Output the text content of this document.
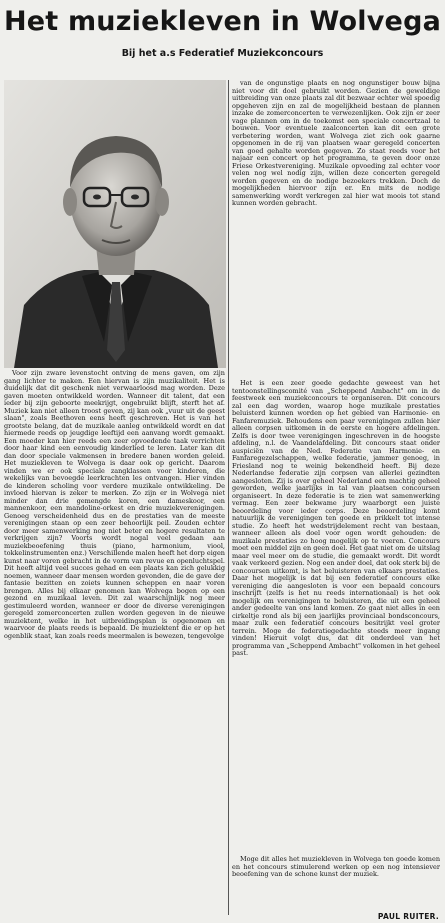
Het muziekleven in Wolvega
Bij het a.s Federatief Muziekconcours

Voor zijn zware levenstocht ontving de mens gaven, om zijn gang lichter te maken. Een hiervan is zijn muzikaliteit. Het is duidelijk dat dit geschenk niet verwaarloosd mag worden. Deze gaven moeten ontwikkeld worden. Wanneer dit talent, dat een ieder bij zijn geboorte meekrijgt, ongebruikt blijft, sterft het af. Muziek kan niet alleen troost geven, zij kan ook „vuur uit de geest slaan", zoals Beethoven eens heeft geschreven. Het is van het grootste belang, dat de muzikale aanleg ontwikkeld wordt en dat hiermede reeds op jeugdige leeftijd een aanvang wordt gemaakt. Een moeder kan hier reeds een zeer opvoedende taak verrichten door haar kind een eenvoudig kinderlied te leren. Later kan dit dan door speciale vakmensen in bredere banen worden geleid. Het muziekleven te Wolvega is daar ook op gericht. Daarom vinden we er ook speciale zangklassen voor kinderen, die wekelijks van bevoegde leerkrachten les ontvangen. Hier vinden de kinderen scholing voor verdere muzikale ontwikkeling. De invloed hiervan is zeker te merken. Zo zijn er in Wolvega niet minder dan drie gemengde koren, een dameskoor, een mannenkoor, een mandoline-orkest en drie muziekverenigingen. Genoeg verscheidenheid dus en de prestaties van de meeste verenigingen staan op een zeer behoorlijk peil. Zouden echter door meer samenwerking nog niet beter en hogere resultaten te verkrijgen zijn? Voorts wordt nogal veel gedaan aan muziekbeoefening thuis (piano, harmonium, viool, tokkelinstrumenten enz.) Verschillende malen heeft het dorp eigen kunst naar voren gebracht in de vorm van revue en openluchtspel. Dit heeft altijd veel succes gehad en een plaats kan zich gelukkig noemen, wanneer daar mensen worden gevonden, die de gave der fantasie bezitten en zoiets kunnen scheppen en naar voren brengen. Alles bij elkaar genomen kan Wolvega bogen op een gezond en muzikaal leven. Dit zal waarschijnlijk nog meer gestimuleerd worden, wanneer er door de diverse verenigingen geregeld zomerconcerten zullen worden gegeven in de nieuwe muziektent, welke in het uitbreidingsplan is opgenomen en waarvoor de plaats reeds is bepaald. De muziektent die er op het ogenblik staat, kan zoals reeds meermalen is bewezen, tengevolge

van de ongunstige plaats en nog ongunstiger bouw bijna niet voor dit doel gebruikt worden. Gezien de geweldige uitbreiding van onze plaats zal dit bezwaar echter wel spoedig opgeheven zijn en zal de mogelijkheid bestaan de plannen inzake de zomerconcerten te verwezenlijken. Ook zijn er zeer vage plannen om in de toekomst een speciale concertzaal te bouwen. Voor eventuele zaalconcerten kan dit een grote verbetering worden, want Wolvega ziet zich ook gaarne opgenomen in de rij van plaatsen waar geregeld concerten van goed gehalte worden gegeven. Zo staat reeds voor het najaar een concert op het programma, te geven door onze Friese Orkestvereniging. Muzikale opvoeding zal echter voor velen nog wel nodig zijn, willen deze concerten geregeld worden gegeven en de nodige bezoekers trekken. Doch de mogelijkheden hiervoor zijn er. En mits de nodige samenwerking wordt verkregen zal hier wat moois tot stand kunnen worden gebracht.

Het is een zeer goede gedachte geweest van het tentoonstellingscomité van „Scheppend Ambacht" om in de feestweek een muziekconcours te organiseren. Dit concours zal een dag worden, waarop hoge muzikale prestaties beluisterd kunnen worden op het gebied van Harmonie- en Fanfaremuziek. Behoudens een paar verenigingen zullen hier alleen corpsen uitkomen in de eerste en hogere afdelingen. Zelfs is door twee verenigingen ingeschreven in de hoogste afdeling, n.l. de Vaandelafdeling. Dit concours staat onder auspiciën van de Ned. Federatie van Harmonie- en Fanfaregezelschappen, welke federatie, jammer genoeg, in Friesland nog te weinig bekendheid heeft. Bij deze Nederlandse federatie zijn corpsen van allerlei gezindten aangesloten. Zij is over geheel Nederland een machtig geheel geworden, welke jaarlijks in tal van plaatsen concoursen organiseert. In deze federatie is te zien wat samenwerking vermag. Een zeer bekwame jury waarborgt een juiste beoordeling voor ieder corps. Deze beoordeling komt natuurlijk de verenigingen ten goede en prikkelt tot intense studie. Zo heeft het wedstrijdelement recht van bestaan, wanneer alleen als doel voor ogen wordt gehouden: de muzikale prestaties zo hoog mogelijk op te voeren. Concours moet een middel zijn en geen doel. Het gaat niet om de uitslag maar veel meer om de studie, die gemaakt wordt. Dit wordt vaak verkeerd gezien. Nog een ander doel, dat ook sterk bij de concoursen uitkomt, is het beluisteren van elkaars prestaties. Daar het mogelijk is dat bij een federatief concours elke vereniging die aangesloten is voor een bepaald concours inschrijft (zelfs is het nu reeds internationaal) is het ook mogelijk om verenigingen te beluisteren, die uit een geheel ander gedeelte van ons land komen. Zo gaat niet alles in een cirkeltje rond als bij een jaarlijks provinciaal bondsconcours, maar zulk een federatief concours besitrijkt veel groter terrein. Moge de federatiegedachte steeds meer ingang vinden! Hieruit volgt dus, dat dit onderdeel van het programma van „Scheppend Ambacht" volkomen in het geheel past.

Moge dit alles het muziekleven in Wolvega ten goede komen en het concours stimulerend werken op een nog intensiever beoefening van de schone kunst der muziek.

PAUL RUITER.
